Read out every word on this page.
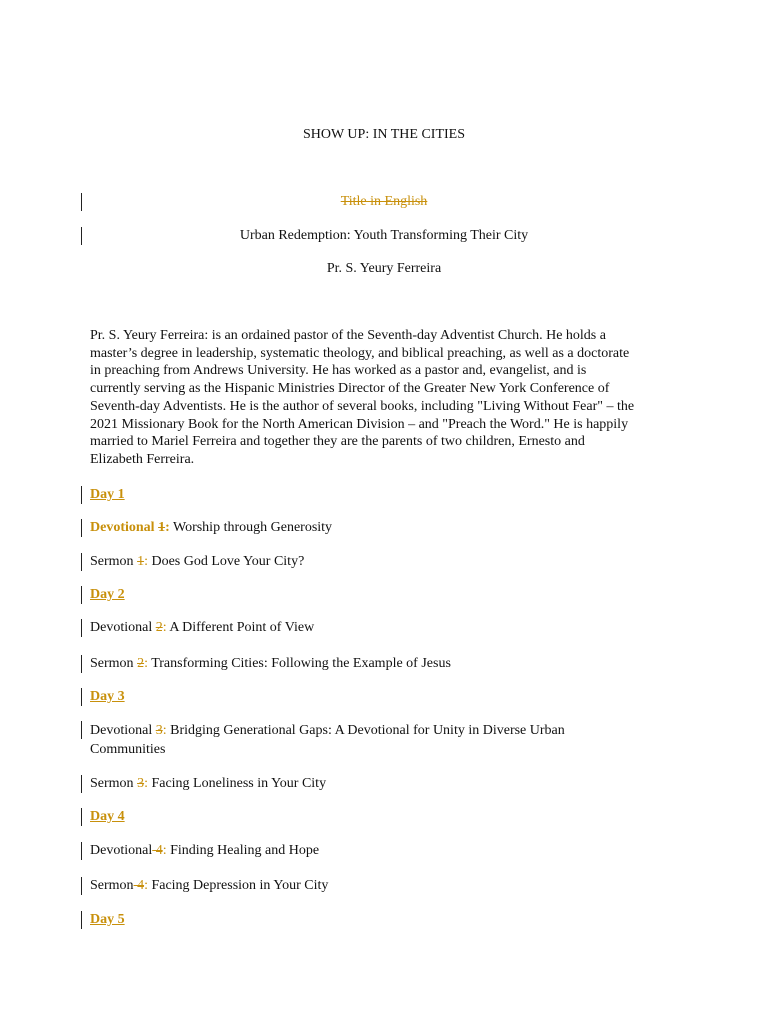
SHOW UP: IN THE CITIES
Title in English
Urban Redemption: Youth Transforming Their City
Pr. S. Yeury Ferreira
Pr. S. Yeury Ferreira: is an ordained pastor of the Seventh-day Adventist Church. He holds a
master’s degree in leadership, systematic theology, and biblical preaching, as well as a doctorate
in preaching from Andrews University. He has worked as a pastor and, evangelist, and is
currently serving as the Hispanic Ministries Director of the Greater New York Conference of
Seventh-day Adventists. He is the author of several books, including "Living Without Fear" – the
2021 Missionary Book for the North American Division – and "Preach the Word." He is happily
married to Mariel Ferreira and together they are the parents of two children, Ernesto and
Elizabeth Ferreira.
Day 1
Devotional 1: Worship through Generosity
Sermon 1: Does God Love Your City?
Day 2
Devotional 2: A Different Point of View
Sermon 2: Transforming Cities: Following the Example of Jesus
Day 3
Devotional 3: Bridging Generational Gaps: A Devotional for Unity in Diverse Urban
Communities
Sermon 3: Facing Loneliness in Your City
Day 4
Devotional 4: Finding Healing and Hope
Sermon 4: Facing Depression in Your City
Day 5
